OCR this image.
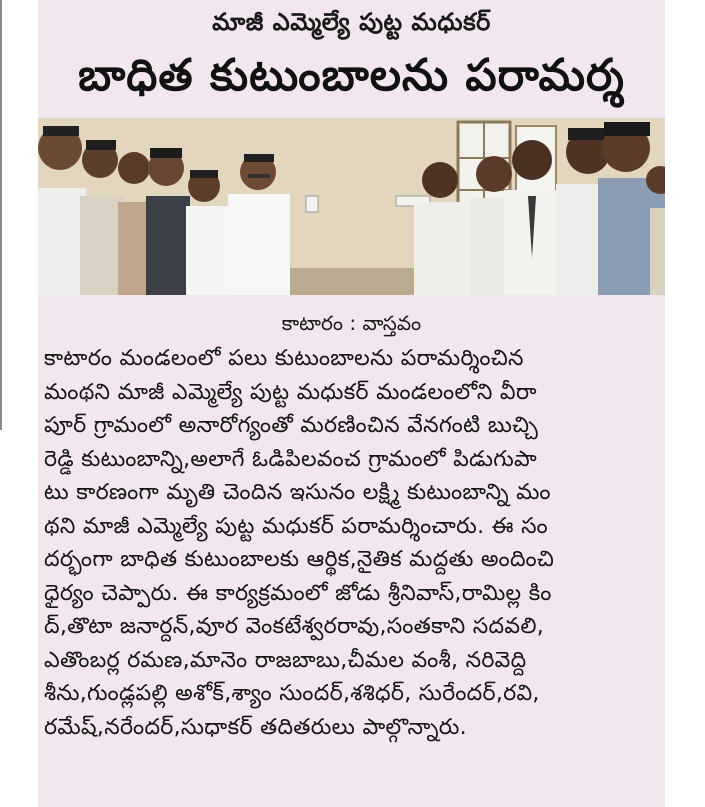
మాజీ ఎమ్మెల్యే పుట్ట మధుకర్
బాధిత కుటుంబాలను పరామర్శ
కాటారం : వాస్తవం
కాటారం మండలంలో పలు కుటుంబాలను పరామర్శించిన
మంథని మాజీ ఎమ్మెల్యే పుట్ట మధుకర్ మండలంలోని వీరా
పూర్ గ్రామంలో అనారోగ్యంతో మరణించిన వేనగంటి బుచ్చి
రెడ్డి కుటుంబాన్ని,అలాగే ఓడిపిలవంచ గ్రామంలో పిడుగుపా
టు కారణంగా మృతి చెందిన ఇసునం లక్ష్మి కుటుంబాన్ని మం
థని మాజీ ఎమ్మెల్యే పుట్ట మధుకర్ పరామర్శించారు. ఈ సం
దర్భంగా బాధిత కుటుంబాలకు ఆర్థిక,నైతిక మద్దతు అందించి
ధైర్యం చెప్పారు. ఈ కార్యక్రమంలో జోడు శ్రీనివాస్,రామిల్ల కిం
ద్,తొటా జనార్దన్,వూర వెంకటేశ్వరరావు,సంతకాని సదవలి,
ఎతొంబర్ల రమణ,మానెం రాజబాబు,చీమల వంశీ, నరివెద్ది
శీను,గుండ్లపల్లి అశోక్,శ్యాం సుందర్,శశిధర్, సురేందర్,రవి,
రమేష్,నరేందర్,సుధాకర్ తదితరులు పాల్గొన్నారు.
